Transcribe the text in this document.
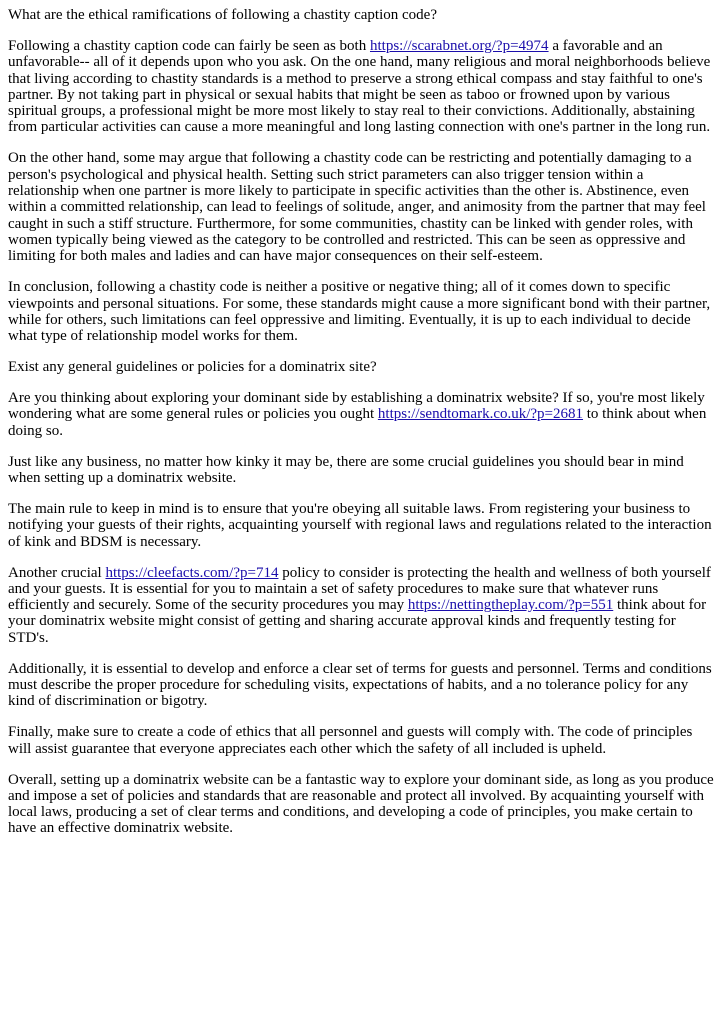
What are the ethical ramifications of following a chastity caption code?

Following a chastity caption code can fairly be seen as both https://scarabnet.org/?p=4974 a favorable and an unfavorable-- all of it depends upon who you ask. On the one hand, many religious and moral neighborhoods believe that living according to chastity standards is a method to preserve a strong ethical compass and stay faithful to one's partner. By not taking part in physical or sexual habits that might be seen as taboo or frowned upon by various spiritual groups, a professional might be more most likely to stay real to their convictions. Additionally, abstaining from particular activities can cause a more meaningful and long lasting connection with one's partner in the long run.

On the other hand, some may argue that following a chastity code can be restricting and potentially damaging to a person's psychological and physical health. Setting such strict parameters can also trigger tension within a relationship when one partner is more likely to participate in specific activities than the other is. Abstinence, even within a committed relationship, can lead to feelings of solitude, anger, and animosity from the partner that may feel caught in such a stiff structure. Furthermore, for some communities, chastity can be linked with gender roles, with women typically being viewed as the category to be controlled and restricted. This can be seen as oppressive and limiting for both males and ladies and can have major consequences on their self-esteem.

In conclusion, following a chastity code is neither a positive or negative thing; all of it comes down to specific viewpoints and personal situations. For some, these standards might cause a more significant bond with their partner, while for others, such limitations can feel oppressive and limiting. Eventually, it is up to each individual to decide what type of relationship model works for them.

Exist any general guidelines or policies for a dominatrix site?

Are you thinking about exploring your dominant side by establishing a dominatrix website? If so, you're most likely wondering what are some general rules or policies you ought https://sendtomark.co.uk/?p=2681 to think about when doing so.

Just like any business, no matter how kinky it may be, there are some crucial guidelines you should bear in mind when setting up a dominatrix website.

The main rule to keep in mind is to ensure that you're obeying all suitable laws. From registering your business to notifying your guests of their rights, acquainting yourself with regional laws and regulations related to the interaction of kink and BDSM is necessary.

Another crucial https://cleefacts.com/?p=714 policy to consider is protecting the health and wellness of both yourself and your guests. It is essential for you to maintain a set of safety procedures to make sure that whatever runs efficiently and securely. Some of the security procedures you may https://nettingtheplay.com/?p=551 think about for your dominatrix website might consist of getting and sharing accurate approval kinds and frequently testing for STD's.

Additionally, it is essential to develop and enforce a clear set of terms for guests and personnel. Terms and conditions must describe the proper procedure for scheduling visits, expectations of habits, and a no tolerance policy for any kind of discrimination or bigotry.

Finally, make sure to create a code of ethics that all personnel and guests will comply with. The code of principles will assist guarantee that everyone appreciates each other which the safety of all included is upheld.

Overall, setting up a dominatrix website can be a fantastic way to explore your dominant side, as long as you produce and impose a set of policies and standards that are reasonable and protect all involved. By acquainting yourself with local laws, producing a set of clear terms and conditions, and developing a code of principles, you make certain to have an effective dominatrix website.
